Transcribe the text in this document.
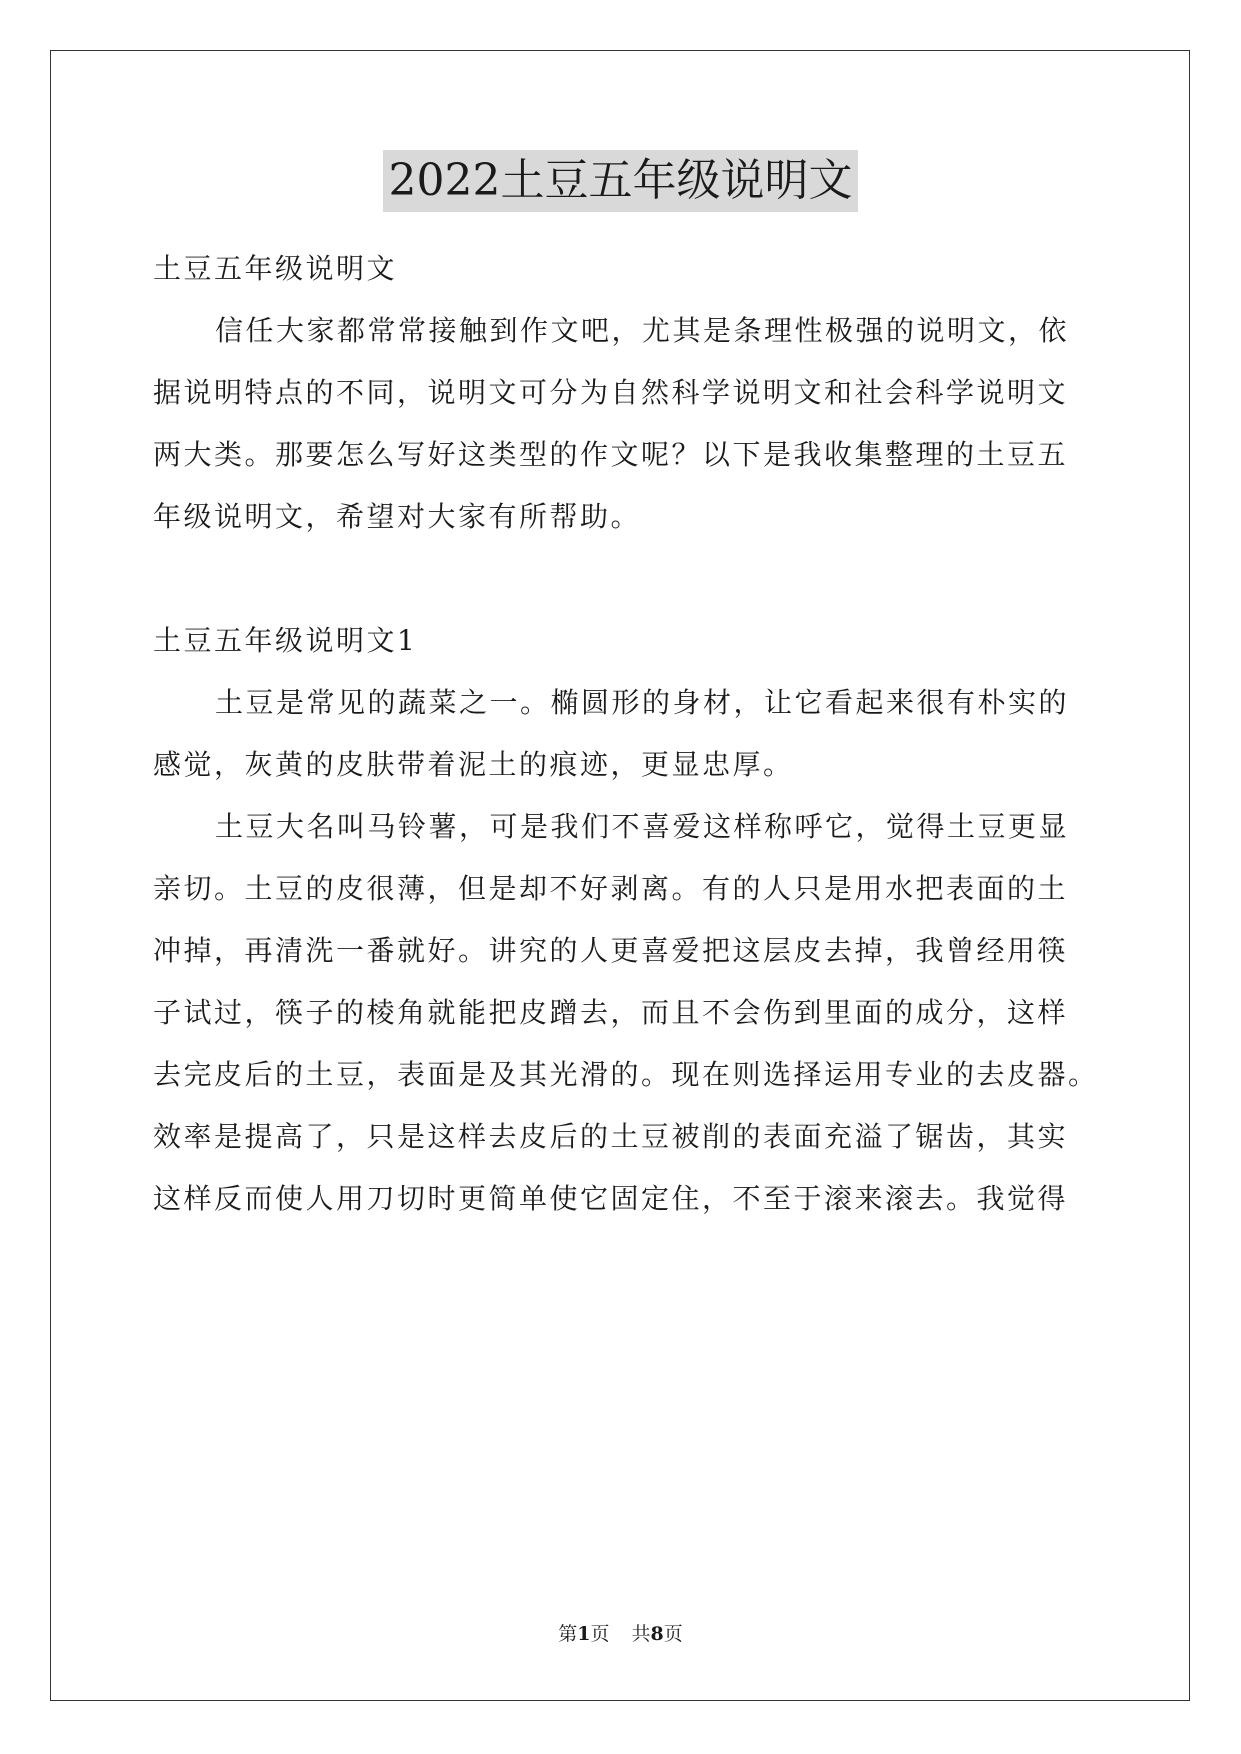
2022土豆五年级说明文
土豆五年级说明文
信任大家都常常接触到作文吧，尤其是条理性极强的说明文，依
据说明特点的不同，说明文可分为自然科学说明文和社会科学说明文
两大类。那要怎么写好这类型的作文呢？以下是我收集整理的土豆五
年级说明文，希望对大家有所帮助。
土豆五年级说明文1
土豆是常见的蔬菜之一。椭圆形的身材，让它看起来很有朴实的
感觉，灰黄的皮肤带着泥土的痕迹，更显忠厚。
土豆大名叫马铃薯，可是我们不喜爱这样称呼它，觉得土豆更显
亲切。土豆的皮很薄，但是却不好剥离。有的人只是用水把表面的土
冲掉，再清洗一番就好。讲究的人更喜爱把这层皮去掉，我曾经用筷
子试过，筷子的棱角就能把皮蹭去，而且不会伤到里面的成分，这样
去完皮后的土豆，表面是及其光滑的。现在则选择运用专业的去皮器。
效率是提高了，只是这样去皮后的土豆被削的表面充溢了锯齿，其实
这样反而使人用刀切时更简单使它固定住，不至于滚来滚去。我觉得
第1页 共8页
